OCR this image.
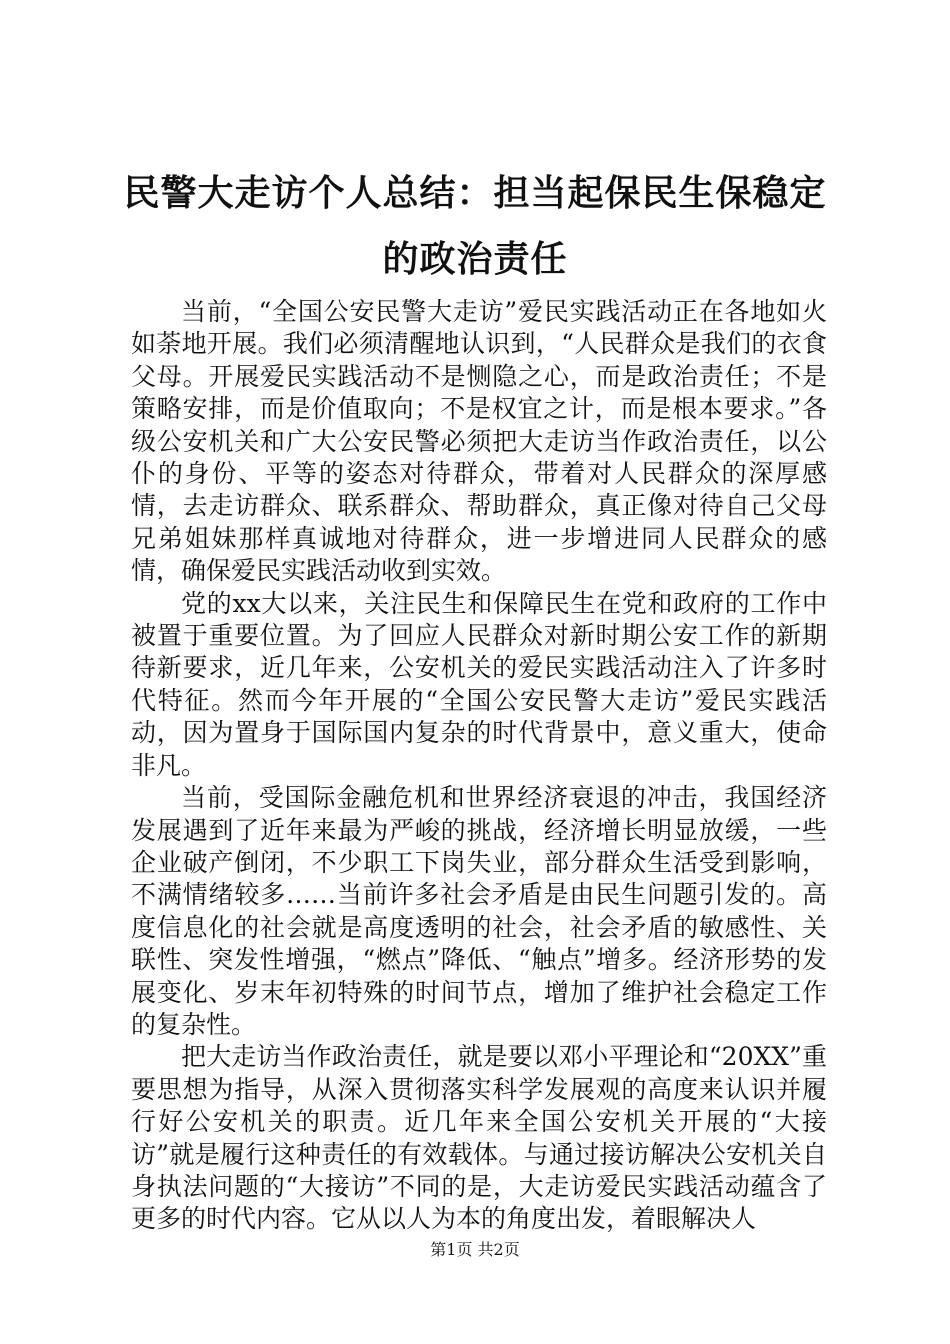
民警大走访个人总结：担当起保民生保稳定的政治责任

当前，“全国公安民警大走访”爱民实践活动正在各地如火如荼地开展。我们必须清醒地认识到，“人民群众是我们的衣食父母。开展爱民实践活动不是恻隐之心，而是政治责任；不是策略安排，而是价值取向；不是权宜之计，而是根本要求。”各级公安机关和广大公安民警必须把大走访当作政治责任，以公仆的身份、平等的姿态对待群众，带着对人民群众的深厚感情，去走访群众、联系群众、帮助群众，真正像对待自己父母兄弟姐妹那样真诚地对待群众，进一步增进同人民群众的感情，确保爱民实践活动收到实效。

党的xx大以来，关注民生和保障民生在党和政府的工作中被置于重要位置。为了回应人民群众对新时期公安工作的新期待新要求，近几年来，公安机关的爱民实践活动注入了许多时代特征。然而今年开展的“全国公安民警大走访”爱民实践活动，因为置身于国际国内复杂的时代背景中，意义重大，使命非凡。

当前，受国际金融危机和世界经济衰退的冲击，我国经济发展遇到了近年来最为严峻的挑战，经济增长明显放缓，一些企业破产倒闭，不少职工下岗失业，部分群众生活受到影响，不满情绪较多……当前许多社会矛盾是由民生问题引发的。高度信息化的社会就是高度透明的社会，社会矛盾的敏感性、关联性、突发性增强，“燃点”降低、“触点”增多。经济形势的发展变化、岁末年初特殊的时间节点，增加了维护社会稳定工作的复杂性。

把大走访当作政治责任，就是要以邓小平理论和“20XX”重要思想为指导，从深入贯彻落实科学发展观的高度来认识并履行好公安机关的职责。近几年来全国公安机关开展的“大接访”就是履行这种责任的有效载体。与通过接访解决公安机关自身执法问题的“大接访”不同的是，大走访爱民实践活动蕴含了更多的时代内容。它从以人为本的角度出发，着眼解决人

第1页 共2页
